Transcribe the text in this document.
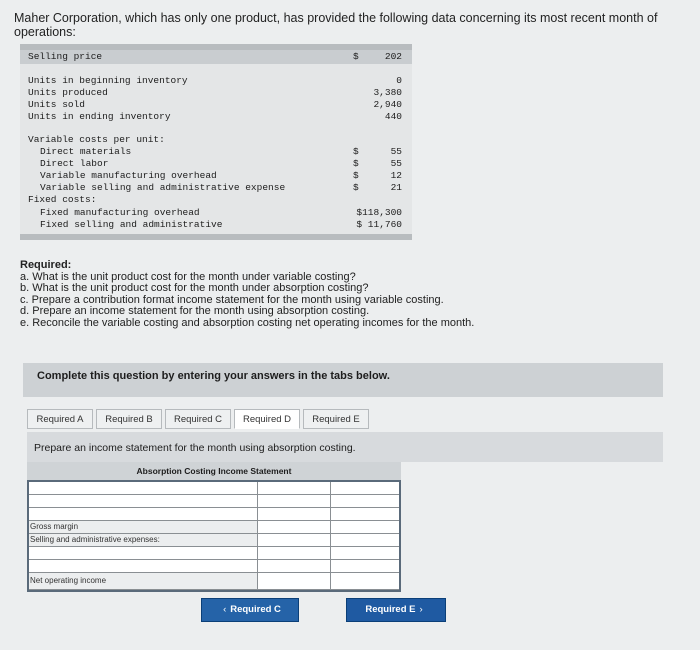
Maher Corporation, which has only one product, has provided the following data concerning its most recent month of operations:
Selling price	$	202
Units in beginning inventory	0
Units produced	3,380
Units sold	2,940
Units in ending inventory	440
Variable costs per unit:
Direct materials	$	55
Direct labor	$	55
Variable manufacturing overhead	$	12
Variable selling and administrative expense	$	21
Fixed costs:
Fixed manufacturing overhead	$118,300
Fixed selling and administrative	$ 11,760
Required:
a. What is the unit product cost for the month under variable costing?
b. What is the unit product cost for the month under absorption costing?
c. Prepare a contribution format income statement for the month using variable costing.
d. Prepare an income statement for the month using absorption costing.
e. Reconcile the variable costing and absorption costing net operating incomes for the month.
Complete this question by entering your answers in the tabs below.
Required A	Required B	Required C	Required D	Required E
Prepare an income statement for the month using absorption costing.
Absorption Costing Income Statement
Gross margin
Selling and administrative expenses:
Net operating income
‹ Required C	Required E ›
